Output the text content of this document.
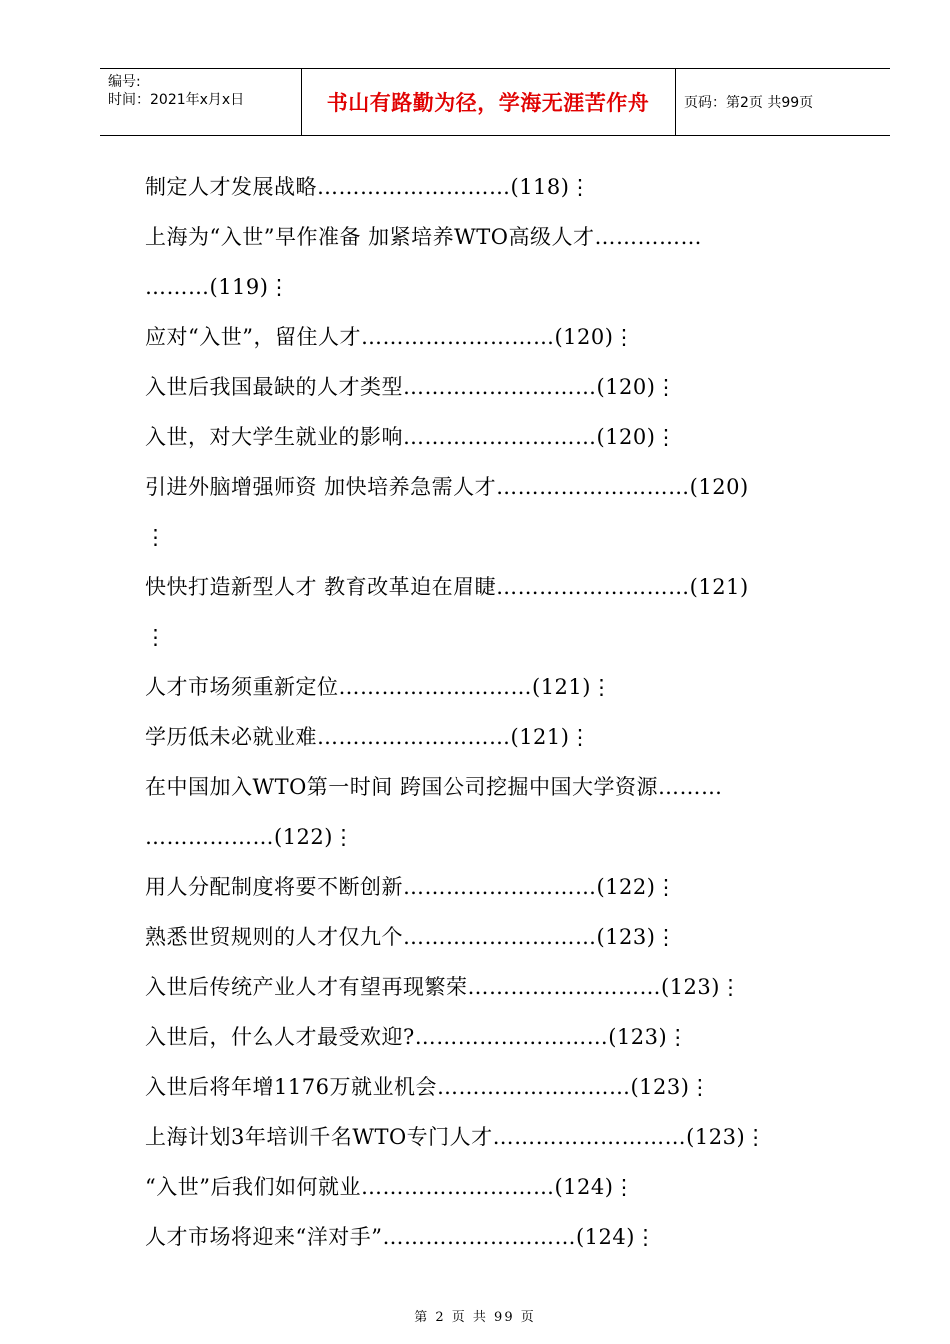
编号:
时间：2021年x月x日	书山有路勤为径，学海无涯苦作舟	页码：第2页 共99页
制定人才发展战略………………………(118)⋮
上海为“入世”早作准备 加紧培养WTO高级人才……………
………(119)⋮
应对“入世”，留住人才………………………(120)⋮
入世后我国最缺的人才类型………………………(120)⋮
入世，对大学生就业的影响………………………(120)⋮
引进外脑增强师资 加快培养急需人才………………………(120)
⋮
快快打造新型人才 教育改革迫在眉睫………………………(121)
⋮
人才市场须重新定位………………………(121)⋮
学历低未必就业难………………………(121)⋮
在中国加入WTO第一时间 跨国公司挖掘中国大学资源………
………………(122)⋮
用人分配制度将要不断创新………………………(122)⋮
熟悉世贸规则的人才仅九个………………………(123)⋮
入世后传统产业人才有望再现繁荣………………………(123)⋮
入世后，什么人才最受欢迎?………………………(123)⋮
入世后将年增1176万就业机会………………………(123)⋮
上海计划3年培训千名WTO专门人才………………………(123)⋮
“入世”后我们如何就业………………………(124)⋮
人才市场将迎来“洋对手”………………………(124)⋮
第 2 页 共 99 页
